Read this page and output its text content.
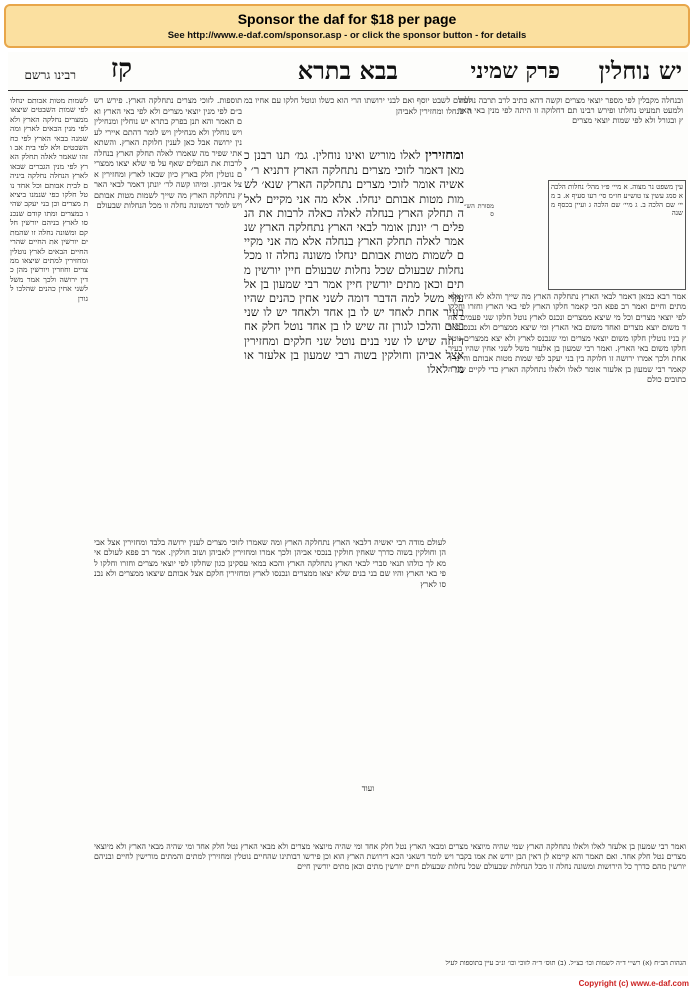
Sponsor the daf for $18 per page
See http://www.e-daf.com/sponsor.asp - or click the sponsor button - for details
יש נוחלין
פרק שמיני
בבא בתרא
קז
רבינו גרשם
לשמות מטות אבותם ינחלו לפי שמות השבטים שיצאו ממצרים נחלקה הארץ ולא לפי מנין הבאים לארץ ומה שמנה בבאי הארץ לפי כח השבטים ולא לפי בית אב וזהו שאמר לאלה תחלק הארץ לפי מנין הגברים שבאו לארץ הנחלה נחלקה ביניהם לבית אבותם וכל אחד נוטל חלקו כפי שנמנו ביציאת מצרים וכן בני יעקב שהיו במצרים ומתו קודם שנכנסו לארץ בניהם יורשין חלקם ומשונה נחלה זו שהמתים יורשין את החיים שהרי החיים הבאים לארץ נוטלין ומחזירין למתים שיצאו ממצרים וחוזרין ויורשין מהן כדין ירושה ולכך אמר משל לשני אחין כהנים שהלכו לגורן
ובנחלה מקבלין לפי מספר יוצאי מצרים וקשה דהא כתיב לרב תרבה נחלתו ולמעט תמעיט נחלתו ופירש רבינו תם דחלוקה זו היתה לפי מנין באי הארץ ובגורל ולא לפי שמות יוצאי מצרים
עין משפט נר מצוה. א מיי׳ פ״ו מהל׳ נחלות הלכה א סמג עשין צו טוש״ע חו״מ סי׳ רעו סעיף א. ב מיי׳ שם הלכה ב. ג מיי׳ שם הלכה ג ועיין בכסף משנה
תוספות. לזוכי מצרים נתחלקה הארץ. פירש רשב״ם לפי מנין יוצאי מצרים ולא לפי באי הארץ ואם תאמר והא תנן בפרק בתרא יש נוחלין ומנחילין ויש נוחלין ולא מנחילין ויש לומר דהתם איירי לענין ירושה אבל כאן לענין חלוקת הארץ. והשתא אתי שפיר מה שאמרו לאלה תחלק הארץ בנחלה לרבות את הנפלים שאף על פי שלא יצאו ממצרים נוטלין חלק בארץ כיון שבאו לארץ ומחזירין אצל אביהן. ומיהו קשה לר׳ יונתן דאמר לבאי הארץ נתחלקה הארץ מה שייך לשמות מטות אבותם ויש לומר דמשונה נחלה זו מכל הנחלות שבעולם
לעולם לשבט יוסף ואם לבני ירושתו הרי הוא כשלו ונוטל חלקו עם אחיו במה שנחלו ומחזירין לאביהן
ומחזירין לאלו מוריש ואינו נוחלין. גמ׳ תנו רבנן כמאן דאמר לזוכי מצרים נתחלקה הארץ דתניא ר׳ יאשיה אומר לזוכי מצרים נתחלקה הארץ שנא׳ לשמות מטות אבותם ינחלו. אלא מה אני מקיים לאלה תחלק הארץ בנחלה לאלה כאלה לרבות את הנפלים ר׳ יונתן אומר לבאי הארץ נתחלקה הארץ שנאמר לאלה תחלק הארץ בנחלה אלא מה אני מקיים לשמות מטות אבותם ינחלו משונה נחלה זו מכל נחלות שבעולם שכל נחלות שבעולם חיין יורשין מתים וכאן מתים יורשין חיין אמר רבי שמעון בן אלעזר משל למה הדבר דומה לשני אחין כהנים שהיו בעיר אחת לאחד יש לו בן אחד ולאחד יש לו שני בנים והלכו לגורן זה שיש לו בן אחד נוטל חלק אחד וזה שיש לו שני בנים נוטל שני חלקים ומחזירין אצל אביהן וחולקין בשוה רבי שמעון בן אלעזר אומר לאלו
מסורת הש״ס
אמר רבא כמאן דאמר לבאי הארץ נתחלקה הארץ מה שייך והלא לא היו אלא מתים וחיים ואמר רב פפא הכי קאמר חלקו הארץ לפי באי הארץ וחזרו וחלקו לפי יוצאי מצרים וכל מי שיצא ממצרים ונכנס לארץ נוטל חלקו שני פעמים אחד משום יוצא מצרים ואחד משום באי הארץ ומי שיצא ממצרים ולא נכנס לארץ בניו נוטלין חלקו משום יוצאי מצרים ומי שנכנס לארץ ולא יצא ממצרים נוטל חלקו משום באי הארץ. ואמר רבי שמעון בן אלעזר משל לשני אחין שהיו בעיר אחת ולכך אמרו ירושה זו חלוקה בין בני יעקב לפי שמות מטות אבותם והיינו דקאמר רבי שמעון בן אלעזר אומר לאלו ולאלו נתחלקה הארץ כדי לקיים שני הכתובים כולם
לעולם מודה רבי יאשיה דלבאי הארץ נתחלקה הארץ ומה שאמרו לזוכי מצרים לענין ירושה בלבד ומחזירין אצל אביהן וחולקין בשוה כדרך שאחין חולקין בנכסי אביהן ולכך אמרו ומחזירין לאביהן ושוב חולקין. אמר רב פפא לעולם אימא לך כולהו תנאי סברי לבאי הארץ נתחלקה הארץ והכא במאי עסקינן כגון שחלקו לפי יוצאי מצרים וחזרו וחלקו לפי באי הארץ והיו שם בני בנים שלא יצאו ממצרים ונכנסו לארץ ומחזירין חלקם אצל אבותם שיצאו ממצרים ולא נכנסו לארץ
ועוד
ואמר רבי שמעון בן אלעזר לאלו ולאלו נתחלקה הארץ שמי שהיה מיוצאי מצרים ומבאי הארץ נטל חלק אחד ומי שהיה מיוצאי מצרים ולא מבאי הארץ נטל חלק אחד ומי שהיה מבאי הארץ ולא מיוצאי מצרים נטל חלק אחד. ואם תאמר והא קיימא לן דאין הבן יורש את אמו בקבר ויש לומר דשאני הכא דירושת הארץ הוא וכן פירשו רבותינו שהחיים נוטלין ומחזירין למתים והמתים מורישין לחיים ובניהם יורשין מהם כדרך כל הירושות ומשונה נחלה זו מכל הנחלות שבעולם שכל נחלות שבעולם חיים יורשין מתים וכאן מתים יורשין חיים
הגהות הב״ח (א) רש״י ד״ה לשמות וכו׳ כצ״ל. (ב) תוס׳ ד״ה לזוכי וכו׳ ונ״ב עיין בתוספות לעיל
Copyright (c) www.e-daf.com
